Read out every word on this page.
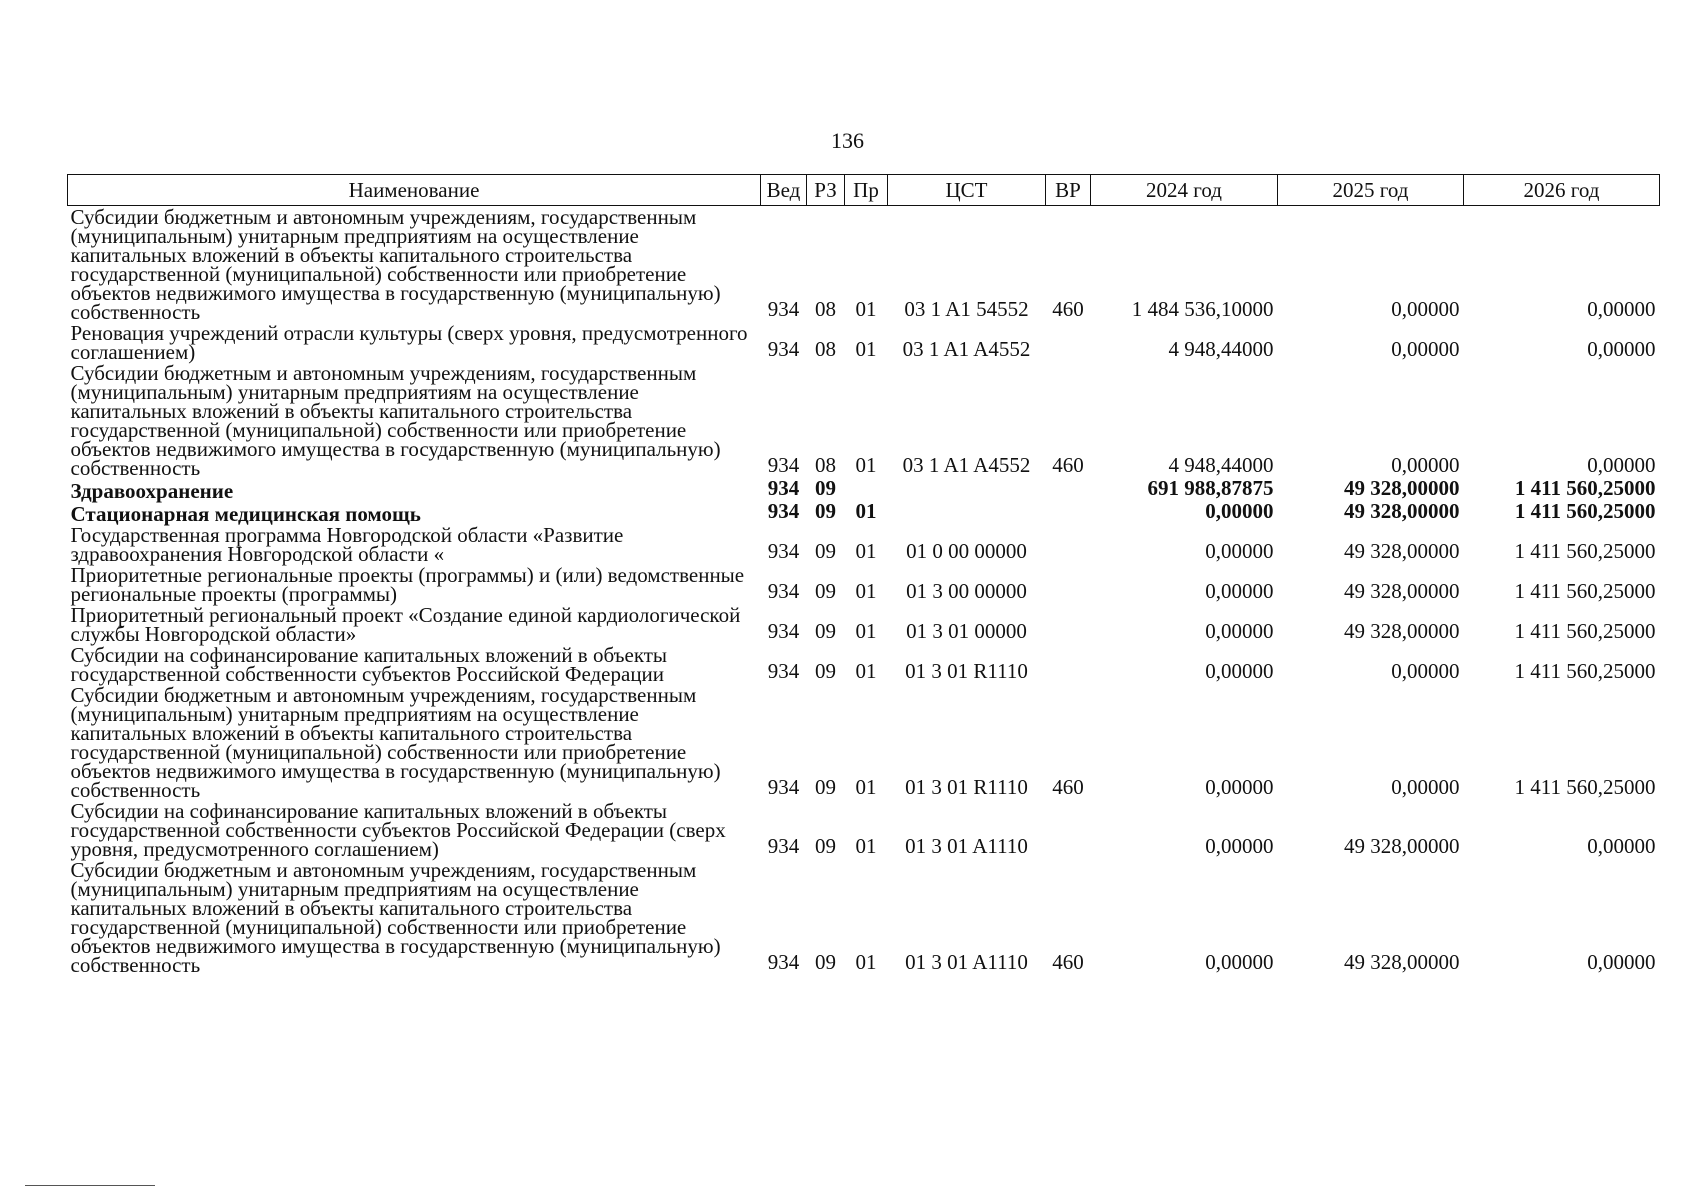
136
Наименование	Вед	РЗ	Пр	ЦСТ	ВР	2024 год	2025 год	2026 год
Субсидии бюджетным и автономным учреждениям, государственным (муниципальным) унитарным предприятиям на осуществление капитальных вложений в объекты капитального строительства государственной (муниципальной) собственности или приобретение объектов недвижимого имущества в государственную (муниципальную) собственность	934	08	01	03 1 A1 54552	460	1 484 536,10000	0,00000	0,00000
Реновация учреждений отрасли культуры (сверх уровня, предусмотренного соглашением)	934	08	01	03 1 A1 A4552		4 948,44000	0,00000	0,00000
Субсидии бюджетным и автономным учреждениям, государственным (муниципальным) унитарным предприятиям на осуществление капитальных вложений в объекты капитального строительства государственной (муниципальной) собственности или приобретение объектов недвижимого имущества в государственную (муниципальную) собственность	934	08	01	03 1 A1 A4552	460	4 948,44000	0,00000	0,00000
Здравоохранение	934	09				691 988,87875	49 328,00000	1 411 560,25000
Стационарная медицинская помощь	934	09	01			0,00000	49 328,00000	1 411 560,25000
Государственная программа Новгородской области «Развитие здравоохранения Новгородской области «	934	09	01	01 0 00 00000		0,00000	49 328,00000	1 411 560,25000
Приоритетные региональные проекты (программы) и (или) ведомственные региональные проекты (программы)	934	09	01	01 3 00 00000		0,00000	49 328,00000	1 411 560,25000
Приоритетный региональный проект «Создание единой кардиологической службы Новгородской области»	934	09	01	01 3 01 00000		0,00000	49 328,00000	1 411 560,25000
Субсидии на софинансирование капитальных вложений в объекты государственной собственности субъектов Российской Федерации	934	09	01	01 3 01 R1110		0,00000	0,00000	1 411 560,25000
Субсидии бюджетным и автономным учреждениям, государственным (муниципальным) унитарным предприятиям на осуществление капитальных вложений в объекты капитального строительства государственной (муниципальной) собственности или приобретение объектов недвижимого имущества в государственную (муниципальную) собственность	934	09	01	01 3 01 R1110	460	0,00000	0,00000	1 411 560,25000
Субсидии на софинансирование капитальных вложений в объекты государственной собственности субъектов Российской Федерации (сверх уровня, предусмотренного соглашением)	934	09	01	01 3 01 A1110		0,00000	49 328,00000	0,00000
Субсидии бюджетным и автономным учреждениям, государственным (муниципальным) унитарным предприятиям на осуществление капитальных вложений в объекты капитального строительства государственной (муниципальной) собственности или приобретение объектов недвижимого имущества в государственную (муниципальную) собственность	934	09	01	01 3 01 A1110	460	0,00000	49 328,00000	0,00000
